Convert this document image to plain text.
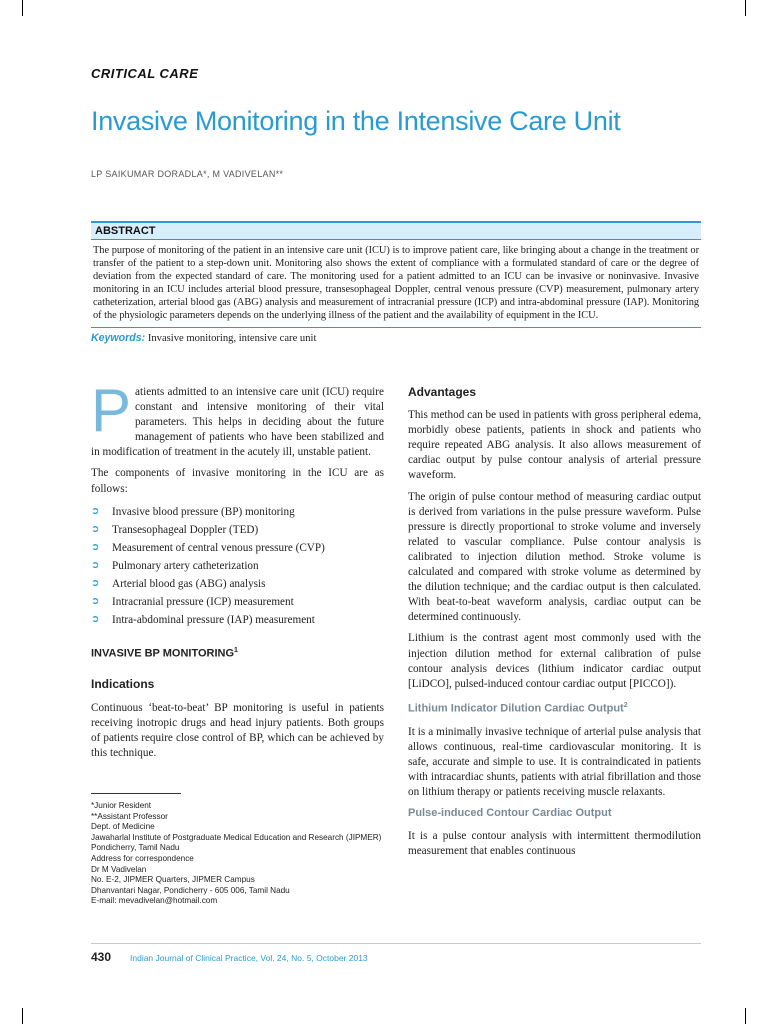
CRITICAL CARE
Invasive Monitoring in the Intensive Care Unit
LP SAIKUMAR DORADLA*, M VADIVELAN**
ABSTRACT
The purpose of monitoring of the patient in an intensive care unit (ICU) is to improve patient care, like bringing about a change in the treatment or transfer of the patient to a step-down unit. Monitoring also shows the extent of compliance with a formulated standard of care or the degree of deviation from the expected standard of care. The monitoring used for a patient admitted to an ICU can be invasive or noninvasive. Invasive monitoring in an ICU includes arterial blood pressure, transesophageal Doppler, central venous pressure (CVP) measurement, pulmonary artery catheterization, arterial blood gas (ABG) analysis and measurement of intracranial pressure (ICP) and intra-abdominal pressure (IAP). Monitoring of the physiologic parameters depends on the underlying illness of the patient and the availability of equipment in the ICU.
Keywords: Invasive monitoring, intensive care unit

Patients admitted to an intensive care unit (ICU) require constant and intensive monitoring of their vital parameters. This helps in deciding about the future management of patients who have been stabilized and in modification of treatment in the acutely ill, unstable patient.

The components of invasive monitoring in the ICU are as follows:

➲ Invasive blood pressure (BP) monitoring
➲ Transesophageal Doppler (TED)
➲ Measurement of central venous pressure (CVP)
➲ Pulmonary artery catheterization
➲ Arterial blood gas (ABG) analysis
➲ Intracranial pressure (ICP) measurement
➲ Intra-abdominal pressure (IAP) measurement
INVASIVE BP MONITORING$^1$
Indications

Continuous ‘beat-to-beat’ BP monitoring is useful in patients receiving inotropic drugs and head injury patients. Both groups of patients require close control of BP, which can be achieved by this technique.

*Junior Resident
**Assistant Professor
Dept. of Medicine
Jawaharlal Institute of Postgraduate Medical Education and Research (JIPMER)
Pondicherry, Tamil Nadu
Address for correspondence
Dr M Vadivelan
No. E-2, JIPMER Quarters, JIPMER Campus
Dhanvantari Nagar, Pondicherry - 605 006, Tamil Nadu
E-mail: mevadivelan@hotmail.com
Advantages

This method can be used in patients with gross peripheral edema, morbidly obese patients, patients in shock and patients who require repeated ABG analysis. It also allows measurement of cardiac output by pulse contour analysis of arterial pressure waveform.

The origin of pulse contour method of measuring cardiac output is derived from variations in the pulse pressure waveform. Pulse pressure is directly proportional to stroke volume and inversely related to vascular compliance. Pulse contour analysis is calibrated to injection dilution method. Stroke volume is calculated and compared with stroke volume as determined by the dilution technique; and the cardiac output is then calculated. With beat-to-beat waveform analysis, cardiac output can be determined continuously.

Lithium is the contrast agent most commonly used with the injection dilution method for external calibration of pulse contour analysis devices (lithium indicator cardiac output [LiDCO], pulsed-induced contour cardiac output [PICCO]).

Lithium Indicator Dilution Cardiac Output$^2$

It is a minimally invasive technique of arterial pulse analysis that allows continuous, real-time cardiovascular monitoring. It is safe, accurate and simple to use. It is contraindicated in patients with intracardiac shunts, patients with atrial fibrillation and those on lithium therapy or patients receiving muscle relaxants.

Pulse-induced Contour Cardiac Output

It is a pulse contour analysis with intermittent thermodilution measurement that enables continuous

430 Indian Journal of Clinical Practice, Vol. 24, No. 5, October 2013
